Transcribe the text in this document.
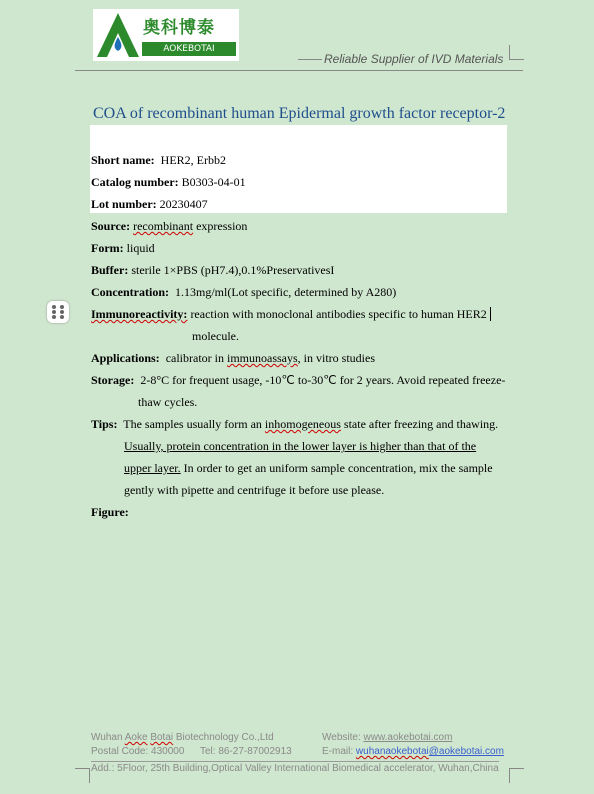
奥科博泰
AOKEBOTAI
Reliable Supplier of IVD Materials
COA of recombinant human Epidermal growth factor receptor-2
Short name: HER2, Erbb2
Catalog number: B0303-04-01
Lot number: 20230407
Source: recombinant expression
Form: liquid
Buffer: sterile 1×PBS (pH7.4),0.1%PreservativesI
Concentration: 1.13mg/ml(Lot specific, determined by A280)
Immunoreactivity: reaction with monoclonal antibodies specific to human HER2
molecule.
Applications: calibrator in immunoassays, in vitro studies
Storage: 2-8°C for frequent usage, -10℃ to-30℃ for 2 years. Avoid repeated freeze-
thaw cycles.
Tips: The samples usually form an inhomogeneous state after freezing and thawing.
Usually, protein concentration in the lower layer is higher than that of the
upper layer. In order to get an uniform sample concentration, mix the sample
gently with pipette and centrifuge it before use please.
Figure:
Wuhan Aoke Botai Biotechnology Co.,Ltd	Website: www.aokebotai.com
Postal Code: 430000 Tel: 86-27-87002913	E-mail: wuhanaokebotai@aokebotai.com
Add.: 5Floor, 25th Building,Optical Valley International Biomedical accelerator, Wuhan,China
